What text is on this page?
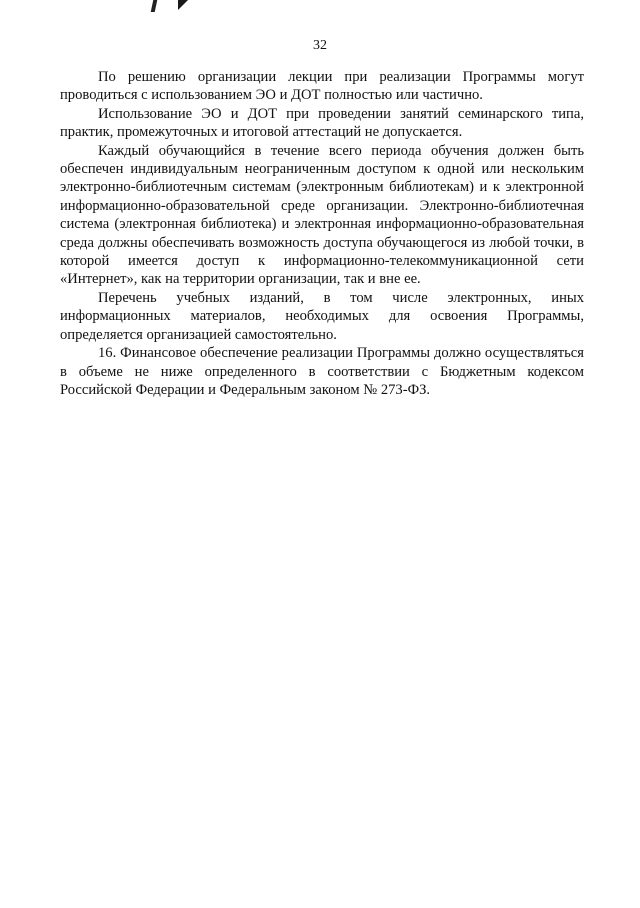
32

По решению организации лекции при реализации Программы могут проводиться с использованием ЭО и ДОТ полностью или частично.

Использование ЭО и ДОТ при проведении занятий семинарского типа, практик, промежуточных и итоговой аттестаций не допускается.

Каждый обучающийся в течение всего периода обучения должен быть обеспечен индивидуальным неограниченным доступом к одной или нескольким электронно-библиотечным системам (электронным библиотекам) и к электронной информационно-образовательной среде организации. Электронно-библиотечная система (электронная библиотека) и электронная информационно-образовательная среда должны обеспечивать возможность доступа обучающегося из любой точки, в которой имеется доступ к информационно-телекоммуникационной сети «Интернет», как на территории организации, так и вне ее.

Перечень учебных изданий, в том числе электронных, иных информационных материалов, необходимых для освоения Программы, определяется организацией самостоятельно.

16. Финансовое обеспечение реализации Программы должно осуществляться в объеме не ниже определенного в соответствии с Бюджетным кодексом Российской Федерации и Федеральным законом № 273-ФЗ.
